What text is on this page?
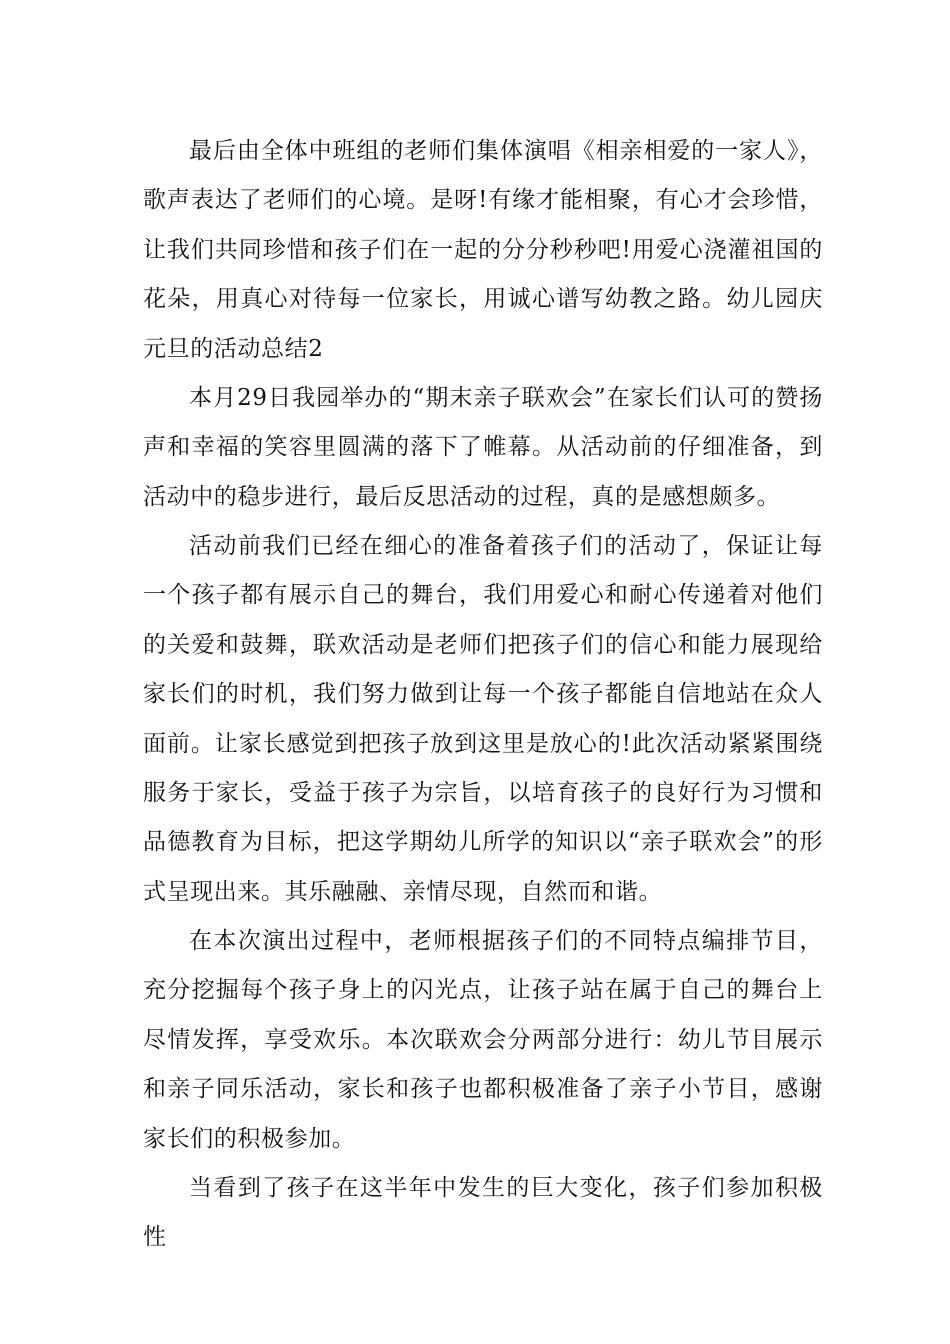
最后由全体中班组的老师们集体演唱《相亲相爱的一家人》，歌声表达了老师们的心境。是呀!有缘才能相聚，有心才会珍惜，让我们共同珍惜和孩子们在一起的分分秒秒吧!用爱心浇灌祖国的花朵，用真心对待每一位家长，用诚心谱写幼教之路。幼儿园庆元旦的活动总结2

本月29日我园举办的“期末亲子联欢会”在家长们认可的赞扬声和幸福的笑容里圆满的落下了帷幕。从活动前的仔细准备，到活动中的稳步进行，最后反思活动的过程，真的是感想颇多。

活动前我们已经在细心的准备着孩子们的活动了，保证让每一个孩子都有展示自己的舞台，我们用爱心和耐心传递着对他们的关爱和鼓舞，联欢活动是老师们把孩子们的信心和能力展现给家长们的时机，我们努力做到让每一个孩子都能自信地站在众人面前。让家长感觉到把孩子放到这里是放心的!此次活动紧紧围绕服务于家长，受益于孩子为宗旨，以培育孩子的良好行为习惯和品德教育为目标，把这学期幼儿所学的知识以“亲子联欢会”的形式呈现出来。其乐融融、亲情尽现，自然而和谐。

在本次演出过程中，老师根据孩子们的不同特点编排节目，充分挖掘每个孩子身上的闪光点，让孩子站在属于自己的舞台上尽情发挥，享受欢乐。本次联欢会分两部分进行：幼儿节目展示和亲子同乐活动，家长和孩子也都积极准备了亲子小节目，感谢家长们的积极参加。

当看到了孩子在这半年中发生的巨大变化，孩子们参加积极性
